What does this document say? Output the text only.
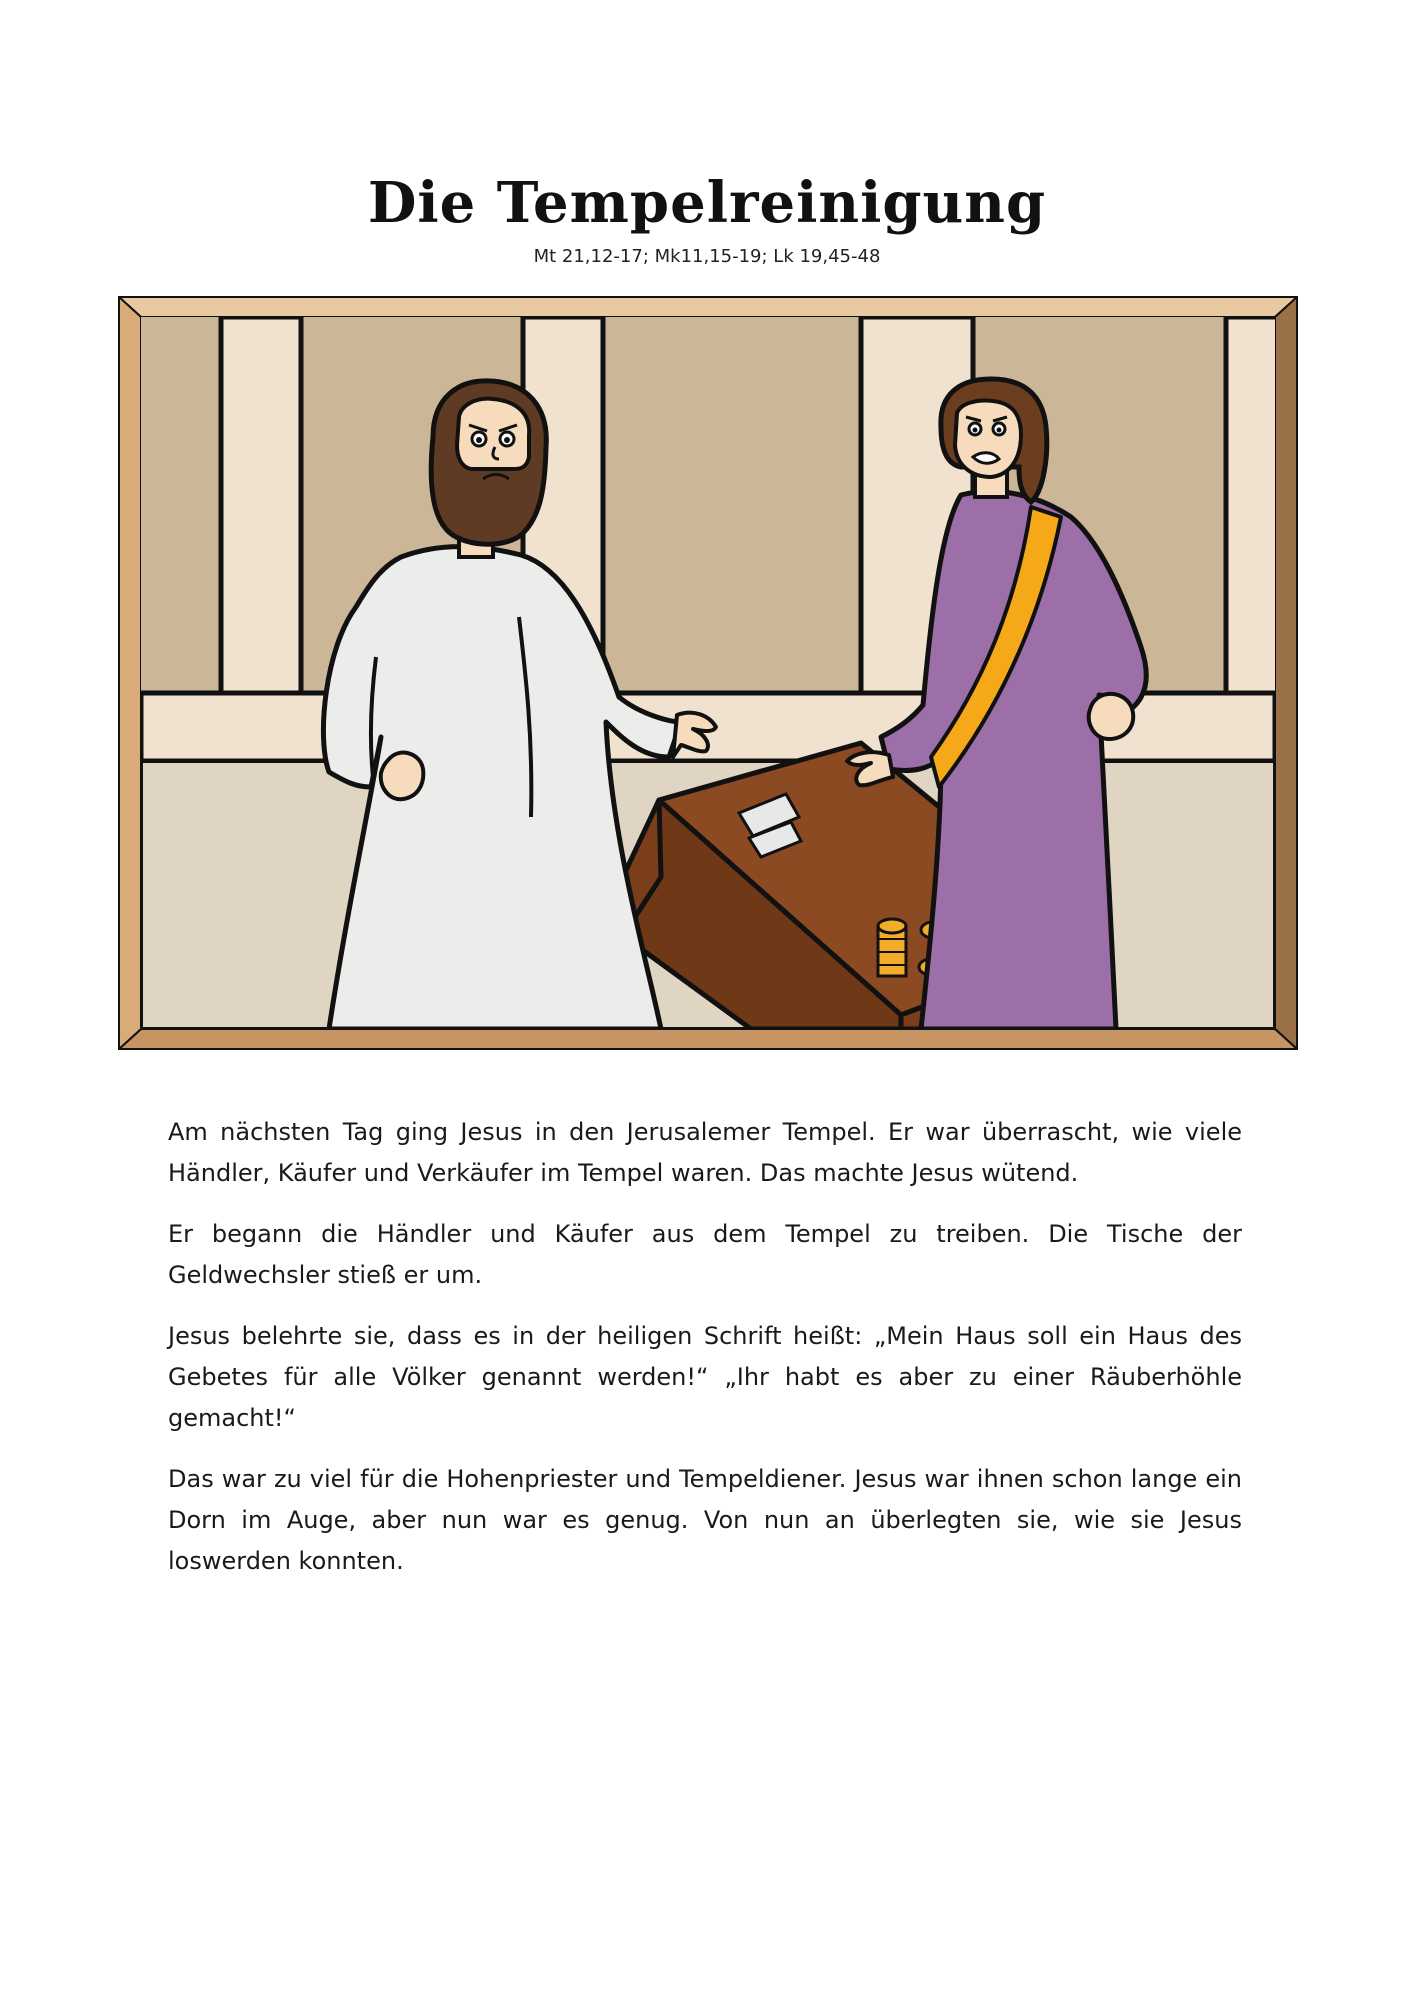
Die Tempelreinigung
Mt 21,12-17; Mk11,15-19; Lk 19,45-48

Am nächsten Tag ging Jesus in den Jerusalemer Tempel. Er war überrascht, wie viele Händler, Käufer und Verkäufer im Tempel waren. Das machte Jesus wütend.

Er begann die Händler und Käufer aus dem Tempel zu treiben. Die Tische der Geldwechsler stieß er um.

Jesus belehrte sie, dass es in der heiligen Schrift heißt: „Mein Haus soll ein Haus des Gebetes für alle Völker genannt werden!“ „Ihr habt es aber zu einer Räuberhöhle gemacht!“

Das war zu viel für die Hohenpriester und Tempeldiener. Jesus war ihnen schon lange ein Dorn im Auge, aber nun war es genug. Von nun an überlegten sie, wie sie Jesus loswerden konnten.
